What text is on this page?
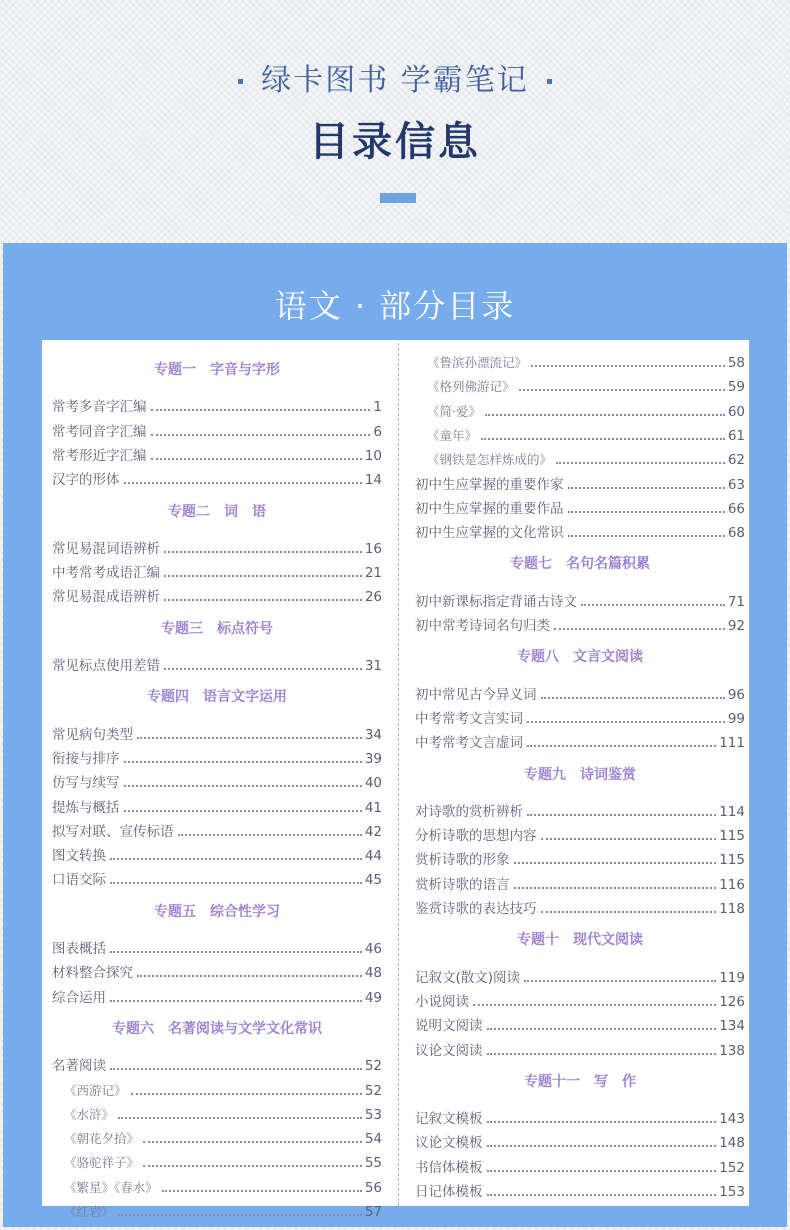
绿卡图书 学霸笔记
目录信息
语文 · 部分目录
专题一 字音与字形
常考多音字汇编	1
常考同音字汇编	6
常考形近字汇编	10
汉字的形体	14
专题二 词　语
常见易混词语辨析	16
中考常考成语汇编	21
常见易混成语辨析	26
专题三 标点符号
常见标点使用差错	31
专题四 语言文字运用
常见病句类型	34
衔接与排序	39
仿写与续写	40
提炼与概括	41
拟写对联、宣传标语	42
图文转换	44
口语交际	45
专题五 综合性学习
图表概括	46
材料整合探究	48
综合运用	49
专题六 名著阅读与文学文化常识
名著阅读	52
《西游记》	52
《水浒》	53
《朝花夕拾》	54
《骆驼祥子》	55
《繁星》《春水》	56
《红岩》	57
《鲁滨孙漂流记》	58
《格列佛游记》	59
《简·爱》	60
《童年》	61
《钢铁是怎样炼成的》	62
初中生应掌握的重要作家	63
初中生应掌握的重要作品	66
初中生应掌握的文化常识	68
专题七 名句名篇积累
初中新课标指定背诵古诗文	71
初中常考诗词名句归类	92
专题八 文言文阅读
初中常见古今异义词	96
中考常考文言实词	99
中考常考文言虚词	111
专题九 诗词鉴赏
对诗歌的赏析辨析	114
分析诗歌的思想内容	115
赏析诗歌的形象	115
赏析诗歌的语言	116
鉴赏诗歌的表达技巧	118
专题十 现代文阅读
记叙文(散文)阅读	119
小说阅读	126
说明文阅读	134
议论文阅读	138
专题十一 写　作
记叙文模板	143
议论文模板	148
书信体模板	152
日记体模板	153
